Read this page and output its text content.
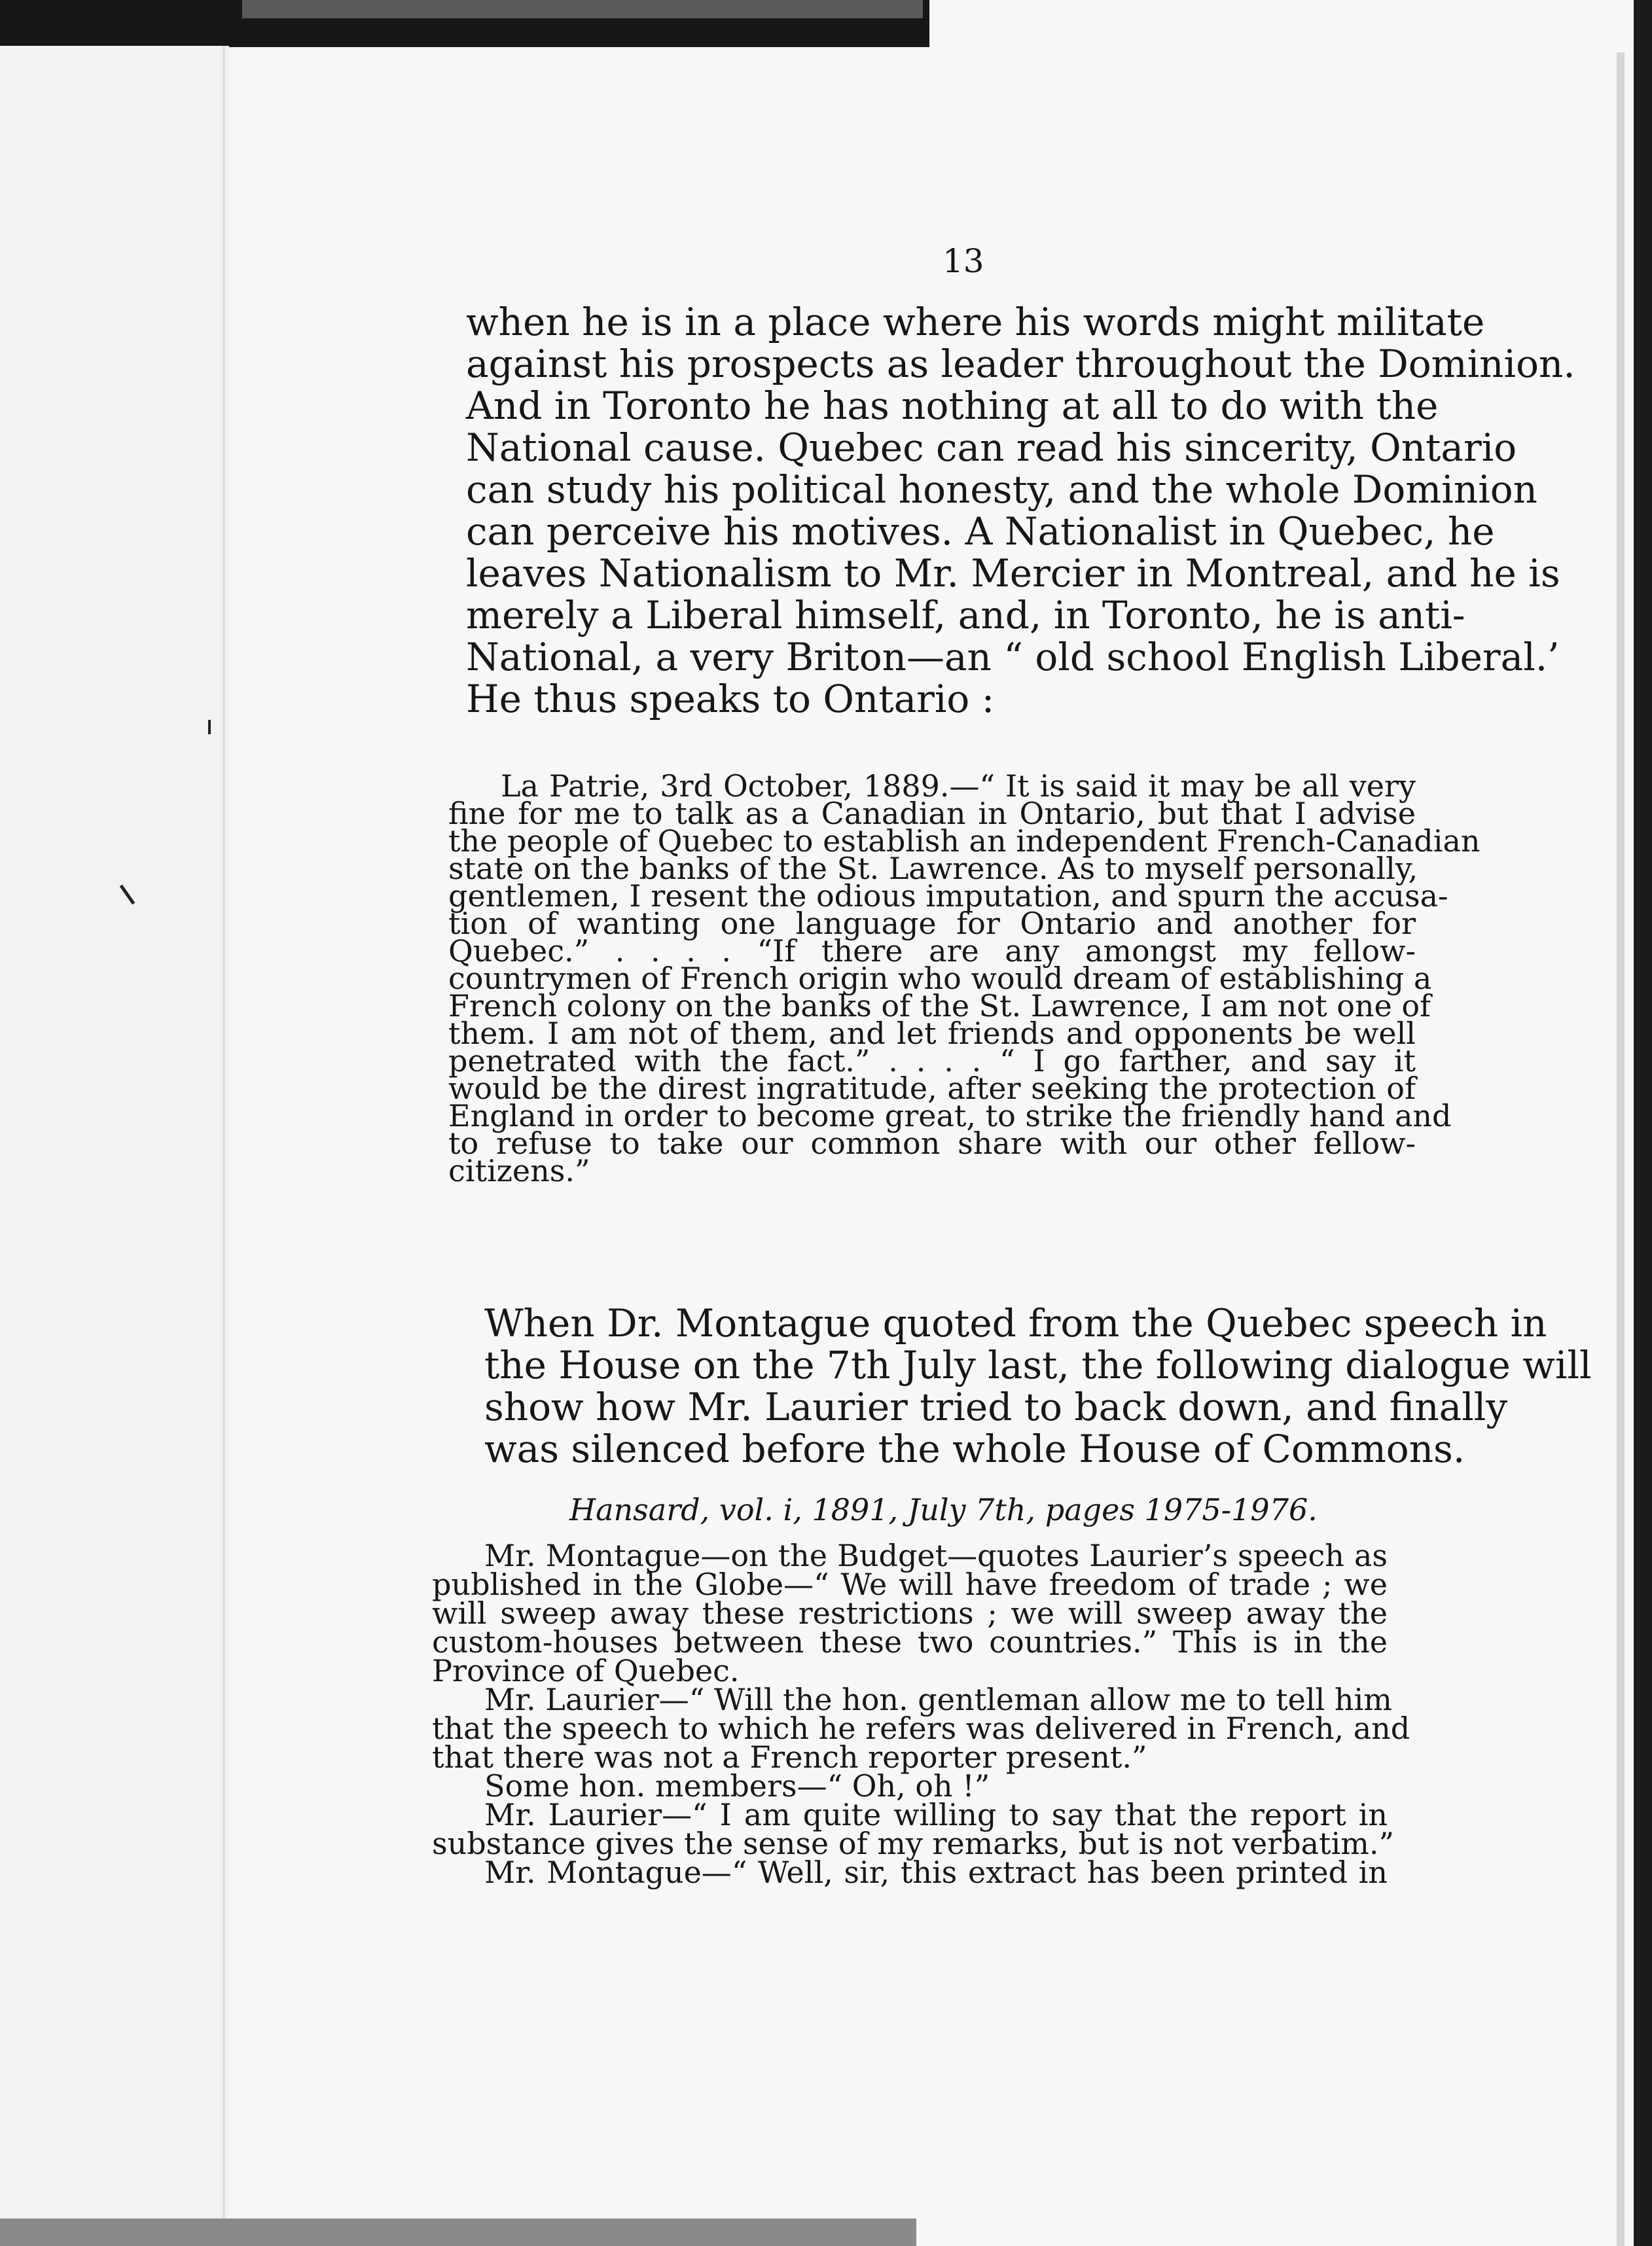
13
when he is in a place where his words might militate
against his prospects as leader throughout the Dominion.
And in Toronto he has nothing at all to do with the
National cause. Quebec can read his sincerity, Ontario
can study his political honesty, and the whole Dominion
can perceive his motives. A Nationalist in Quebec, he
leaves Nationalism to Mr. Mercier in Montreal, and he is
merely a Liberal himself, and, in Toronto, he is anti-
National, a very Briton—an “ old school English Liberal.’
He thus speaks to Ontario :
La Patrie, 3rd October, 1889.—“ It is said it may be all very
fine for me to talk as a Canadian in Ontario, but that I advise
the people of Quebec to establish an independent French-Canadian
state on the banks of the St. Lawrence. As to myself personally,
gentlemen, I resent the odious imputation, and spurn the accusa-
tion of wanting one language for Ontario and another for
Quebec.” . . . . “If there are any amongst my fellow-
countrymen of French origin who would dream of establishing a
French colony on the banks of the St. Lawrence, I am not one of
them. I am not of them, and let friends and opponents be well
penetrated with the fact.” . . . . “ I go farther, and say it
would be the direst ingratitude, after seeking the protection of
England in order to become great, to strike the friendly hand and
to refuse to take our common share with our other fellow-
citizens.”
When Dr. Montague quoted from the Quebec speech in
the House on the 7th July last, the following dialogue will
show how Mr. Laurier tried to back down, and finally
was silenced before the whole House of Commons.
Hansard, vol. i, 1891, July 7th, pages 1975-1976.
Mr. Montague—on the Budget—quotes Laurier’s speech as
published in the Globe—“ We will have freedom of trade ; we
will sweep away these restrictions ; we will sweep away the
custom-houses between these two countries.” This is in the
Province of Quebec.
Mr. Laurier—“ Will the hon. gentleman allow me to tell him
that the speech to which he refers was delivered in French, and
that there was not a French reporter present.”
Some hon. members—“ Oh, oh !”
Mr. Laurier—“ I am quite willing to say that the report in
substance gives the sense of my remarks, but is not verbatim.”
Mr. Montague—“ Well, sir, this extract has been printed in
